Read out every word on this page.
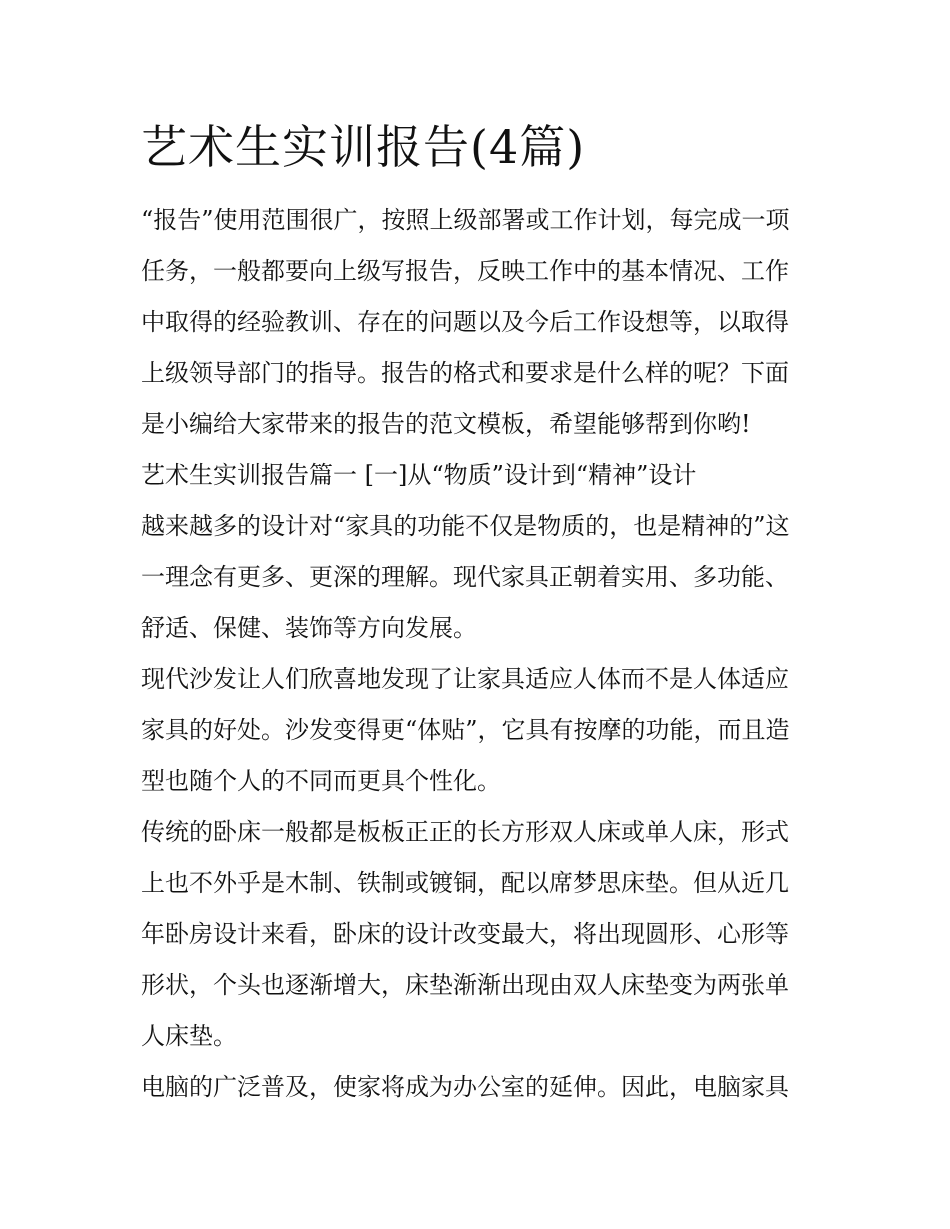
艺术生实训报告(4篇)
“报告”使用范围很广，按照上级部署或工作计划，每完成一项
任务，一般都要向上级写报告，反映工作中的基本情况、工作
中取得的经验教训、存在的问题以及今后工作设想等，以取得
上级领导部门的指导。报告的格式和要求是什么样的呢？下面
是小编给大家带来的报告的范文模板，希望能够帮到你哟!
艺术生实训报告篇一 [一]从“物质”设计到“精神”设计
越来越多的设计对“家具的功能不仅是物质的，也是精神的”这
一理念有更多、更深的理解。现代家具正朝着实用、多功能、
舒适、保健、装饰等方向发展。
现代沙发让人们欣喜地发现了让家具适应人体而不是人体适应
家具的好处。沙发变得更“体贴”，它具有按摩的功能，而且造
型也随个人的不同而更具个性化。
传统的卧床一般都是板板正正的长方形双人床或单人床，形式
上也不外乎是木制、铁制或镀铜，配以席梦思床垫。但从近几
年卧房设计来看，卧床的设计改变最大，将出现圆形、心形等
形状，个头也逐渐增大，床垫渐渐出现由双人床垫变为两张单
人床垫。
电脑的广泛普及，使家将成为办公室的延伸。因此，电脑家具
